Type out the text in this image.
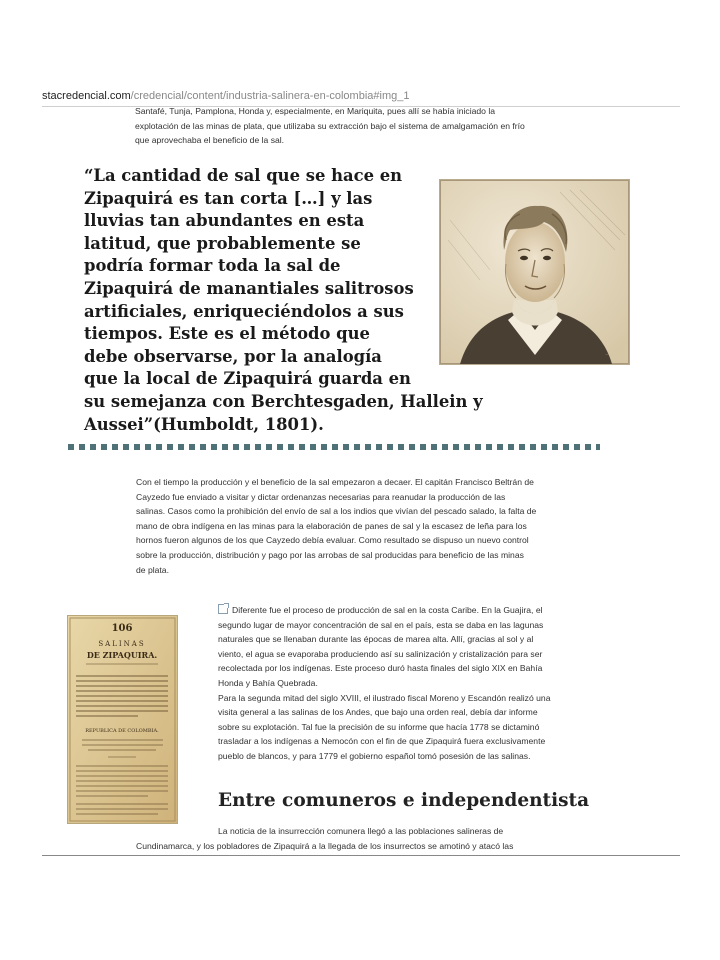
stacredencial.com/credencial/content/industria-salinera-en-colombia#img_1
Santafé, Tunja, Pamplona, Honda y, especialmente, en Mariquita, pues allí se había iniciado la
explotación de las minas de plata, que utilizaba su extracción bajo el sistema de amalgamación en frío
que aprovechaba el beneficio de la sal.
“La cantidad de sal que se hace en
Zipaquirá es tan corta […] y las
lluvias tan abundantes en esta
latitud, que probablemente se
podría formar toda la sal de
Zipaquirá de manantiales salitrosos
artificiales, enriqueciéndolos a sus
tiempos. Este es el método que
debe observarse, por la analogía
que la local de Zipaquirá guarda en
su semejanza con Berchtesgaden, Hallein y
Aussei”(Humboldt, 1801).
~
Con el tiempo la producción y el beneficio de la sal empezaron a decaer. El capitán Francisco Beltrán de
Cayzedo fue enviado a visitar y dictar ordenanzas necesarias para reanudar la producción de las
salinas. Casos como la prohibición del envío de sal a los indios que vivían del pescado salado, la falta de
mano de obra indígena en las minas para la elaboración de panes de sal y la escasez de leña para los
hornos fueron algunos de los que Cayzedo debía evaluar. Como resultado se dispuso un nuevo control
sobre la producción, distribución y pago por las arrobas de sal producidas para beneficio de las minas
de plata.
106
SALINAS
DE ZIPAQUIRA.
REPUBLICA DE COLOMBIA.
Diferente fue el proceso de producción de sal en la costa Caribe. En la Guajira, el
segundo lugar de mayor concentración de sal en el país, esta se daba en las lagunas
naturales que se llenaban durante las épocas de marea alta. Allí, gracias al sol y al
viento, el agua se evaporaba produciendo así su salinización y cristalización para ser
recolectada por los indígenas. Este proceso duró hasta finales del siglo XIX en Bahía
Honda y Bahía Quebrada.
Para la segunda mitad del siglo XVIII, el ilustrado fiscal Moreno y Escandón realizó una
visita general a las salinas de los Andes, que bajo una orden real, debía dar informe
sobre su explotación. Tal fue la precisión de su informe que hacía 1778 se dictaminó
trasladar a los indígenas a Nemocón con el fin de que Zipaquirá fuera exclusivamente
pueblo de blancos, y para 1779 el gobierno español tomó posesión de las salinas.
Entre comuneros e independentista
La noticia de la insurrección comunera llegó a las poblaciones salineras de
Cundinamarca, y los pobladores de Zipaquirá a la llegada de los insurrectos se amotinó y atacó las
